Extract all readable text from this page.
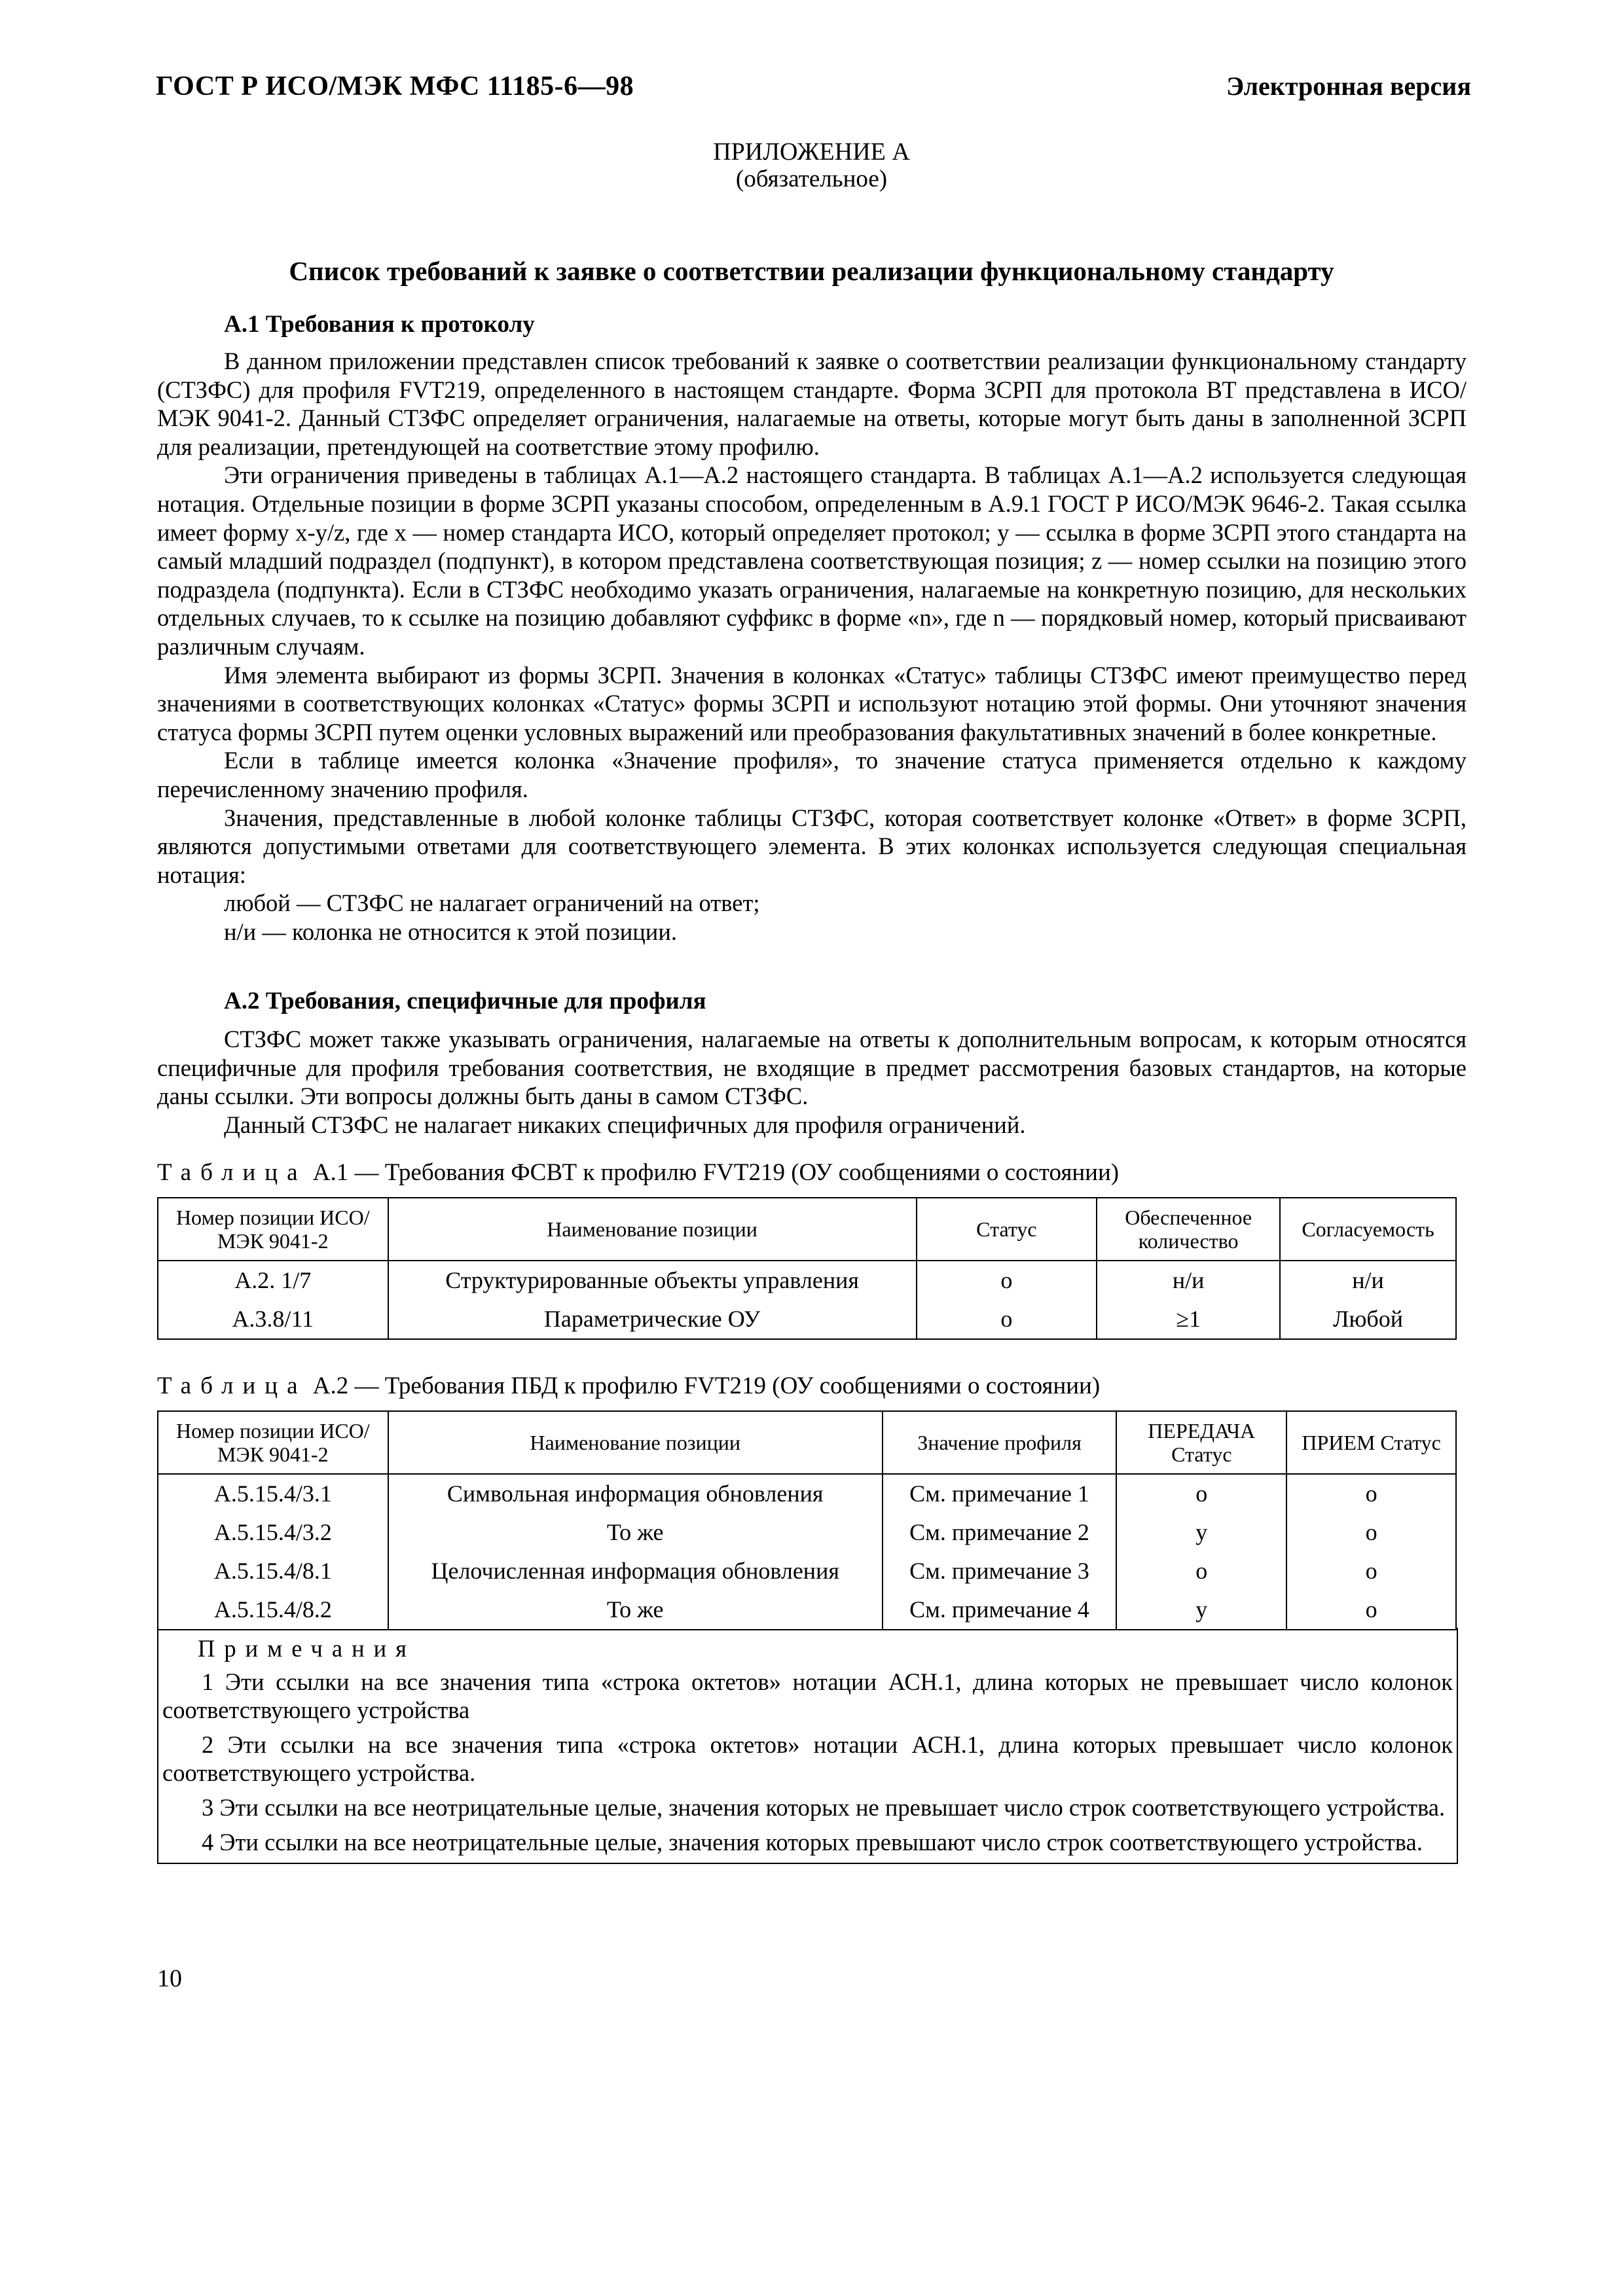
ГОСТ Р ИСО/МЭК МФС 11185-6—98	Электронная версия
ПРИЛОЖЕНИЕ А
(обязательное)
Список требований к заявке о соответствии реализации функциональному стандарту
А.1 Требования к протоколу

В данном приложении представлен список требований к заявке о соответствии реализации функциональному стандарту (СТЗФС) для профиля FVT219, определенного в настоящем стандарте. Форма ЗСРП для протокола ВТ представлена в ИСО/МЭК 9041-2. Данный СТЗФС определяет ограничения, налагаемые на ответы, которые могут быть даны в заполненной ЗСРП для реализации, претендующей на соответствие этому профилю.

Эти ограничения приведены в таблицах А.1—А.2 настоящего стандарта. В таблицах А.1—А.2 используется следующая нотация. Отдельные позиции в форме ЗСРП указаны способом, определенным в А.9.1 ГОСТ Р ИСО/МЭК 9646-2. Такая ссылка имеет форму x-y/z, где x — номер стандарта ИСО, который определяет протокол; y — ссылка в форме ЗСРП этого стандарта на самый младший подраздел (подпункт), в котором представлена соответствующая позиция; z — номер ссылки на позицию этого подраздела (подпункта). Если в СТЗФС необходимо указать ограничения, налагаемые на конкретную позицию, для нескольких отдельных случаев, то к ссылке на позицию добавляют суффикс в форме «n», где n — порядковый номер, который присваивают различным случаям.

Имя элемента выбирают из формы ЗСРП. Значения в колонках «Статус» таблицы СТЗФС имеют преимущество перед значениями в соответствующих колонках «Статус» формы ЗСРП и используют нотацию этой формы. Они уточняют значения статуса формы ЗСРП путем оценки условных выражений или преобразования факультативных значений в более конкретные.

Если в таблице имеется колонка «Значение профиля», то значение статуса применяется отдельно к каждому перечисленному значению профиля.

Значения, представленные в любой колонке таблицы СТЗФС, которая соответствует колонке «Ответ» в форме ЗСРП, являются допустимыми ответами для соответствующего элемента. В этих колонках используется следующая специальная нотация:

любой — СТЗФС не налагает ограничений на ответ;

н/и — колонка не относится к этой позиции.

А.2 Требования, специфичные для профиля

СТЗФС может также указывать ограничения, налагаемые на ответы к дополнительным вопросам, к которым относятся специфичные для профиля требования соответствия, не входящие в предмет рассмотрения базовых стандартов, на которые даны ссылки. Эти вопросы должны быть даны в самом СТЗФС.

Данный СТЗФС не налагает никаких специфичных для профиля ограничений.

Таблица А.1 — Требования ФСВТ к профилю FVT219 (ОУ сообщениями о состоянии)
Номер позиции ИСО/МЭК 9041-2	Наименование позиции	Статус	Обеспеченное количество	Согласуемость
А.2. 1/7	Структурированные объекты управления	о	н/и	н/и
А.3.8/11	Параметрические ОУ	о	≥1	Любой
Таблица А.2 — Требования ПБД к профилю FVT219 (ОУ сообщениями о состоянии)
Номер позиции ИСО/МЭК 9041-2	Наименование позиции	Значение профиля	ПЕРЕДАЧА Статус	ПРИЕМ Статус
А.5.15.4/3.1	Символьная информация обновления	См. примечание 1	о	о
А.5.15.4/3.2	То же	См. примечание 2	у	о
А.5.15.4/8.1	Целочисленная информация обновления	См. примечание 3	о	о
А.5.15.4/8.2	То же	См. примечание 4	у	о
Примечания

1 Эти ссылки на все значения типа «строка октетов» нотации АСН.1, длина которых не превышает число колонок соответствующего устройства

2 Эти ссылки на все значения типа «строка октетов» нотации АСН.1, длина которых превышает число колонок соответствующего устройства.

3 Эти ссылки на все неотрицательные целые, значения которых не превышает число строк соответствующего устройства.

4 Эти ссылки на все неотрицательные целые, значения которых превышают число строк соответствующего устройства.

10
